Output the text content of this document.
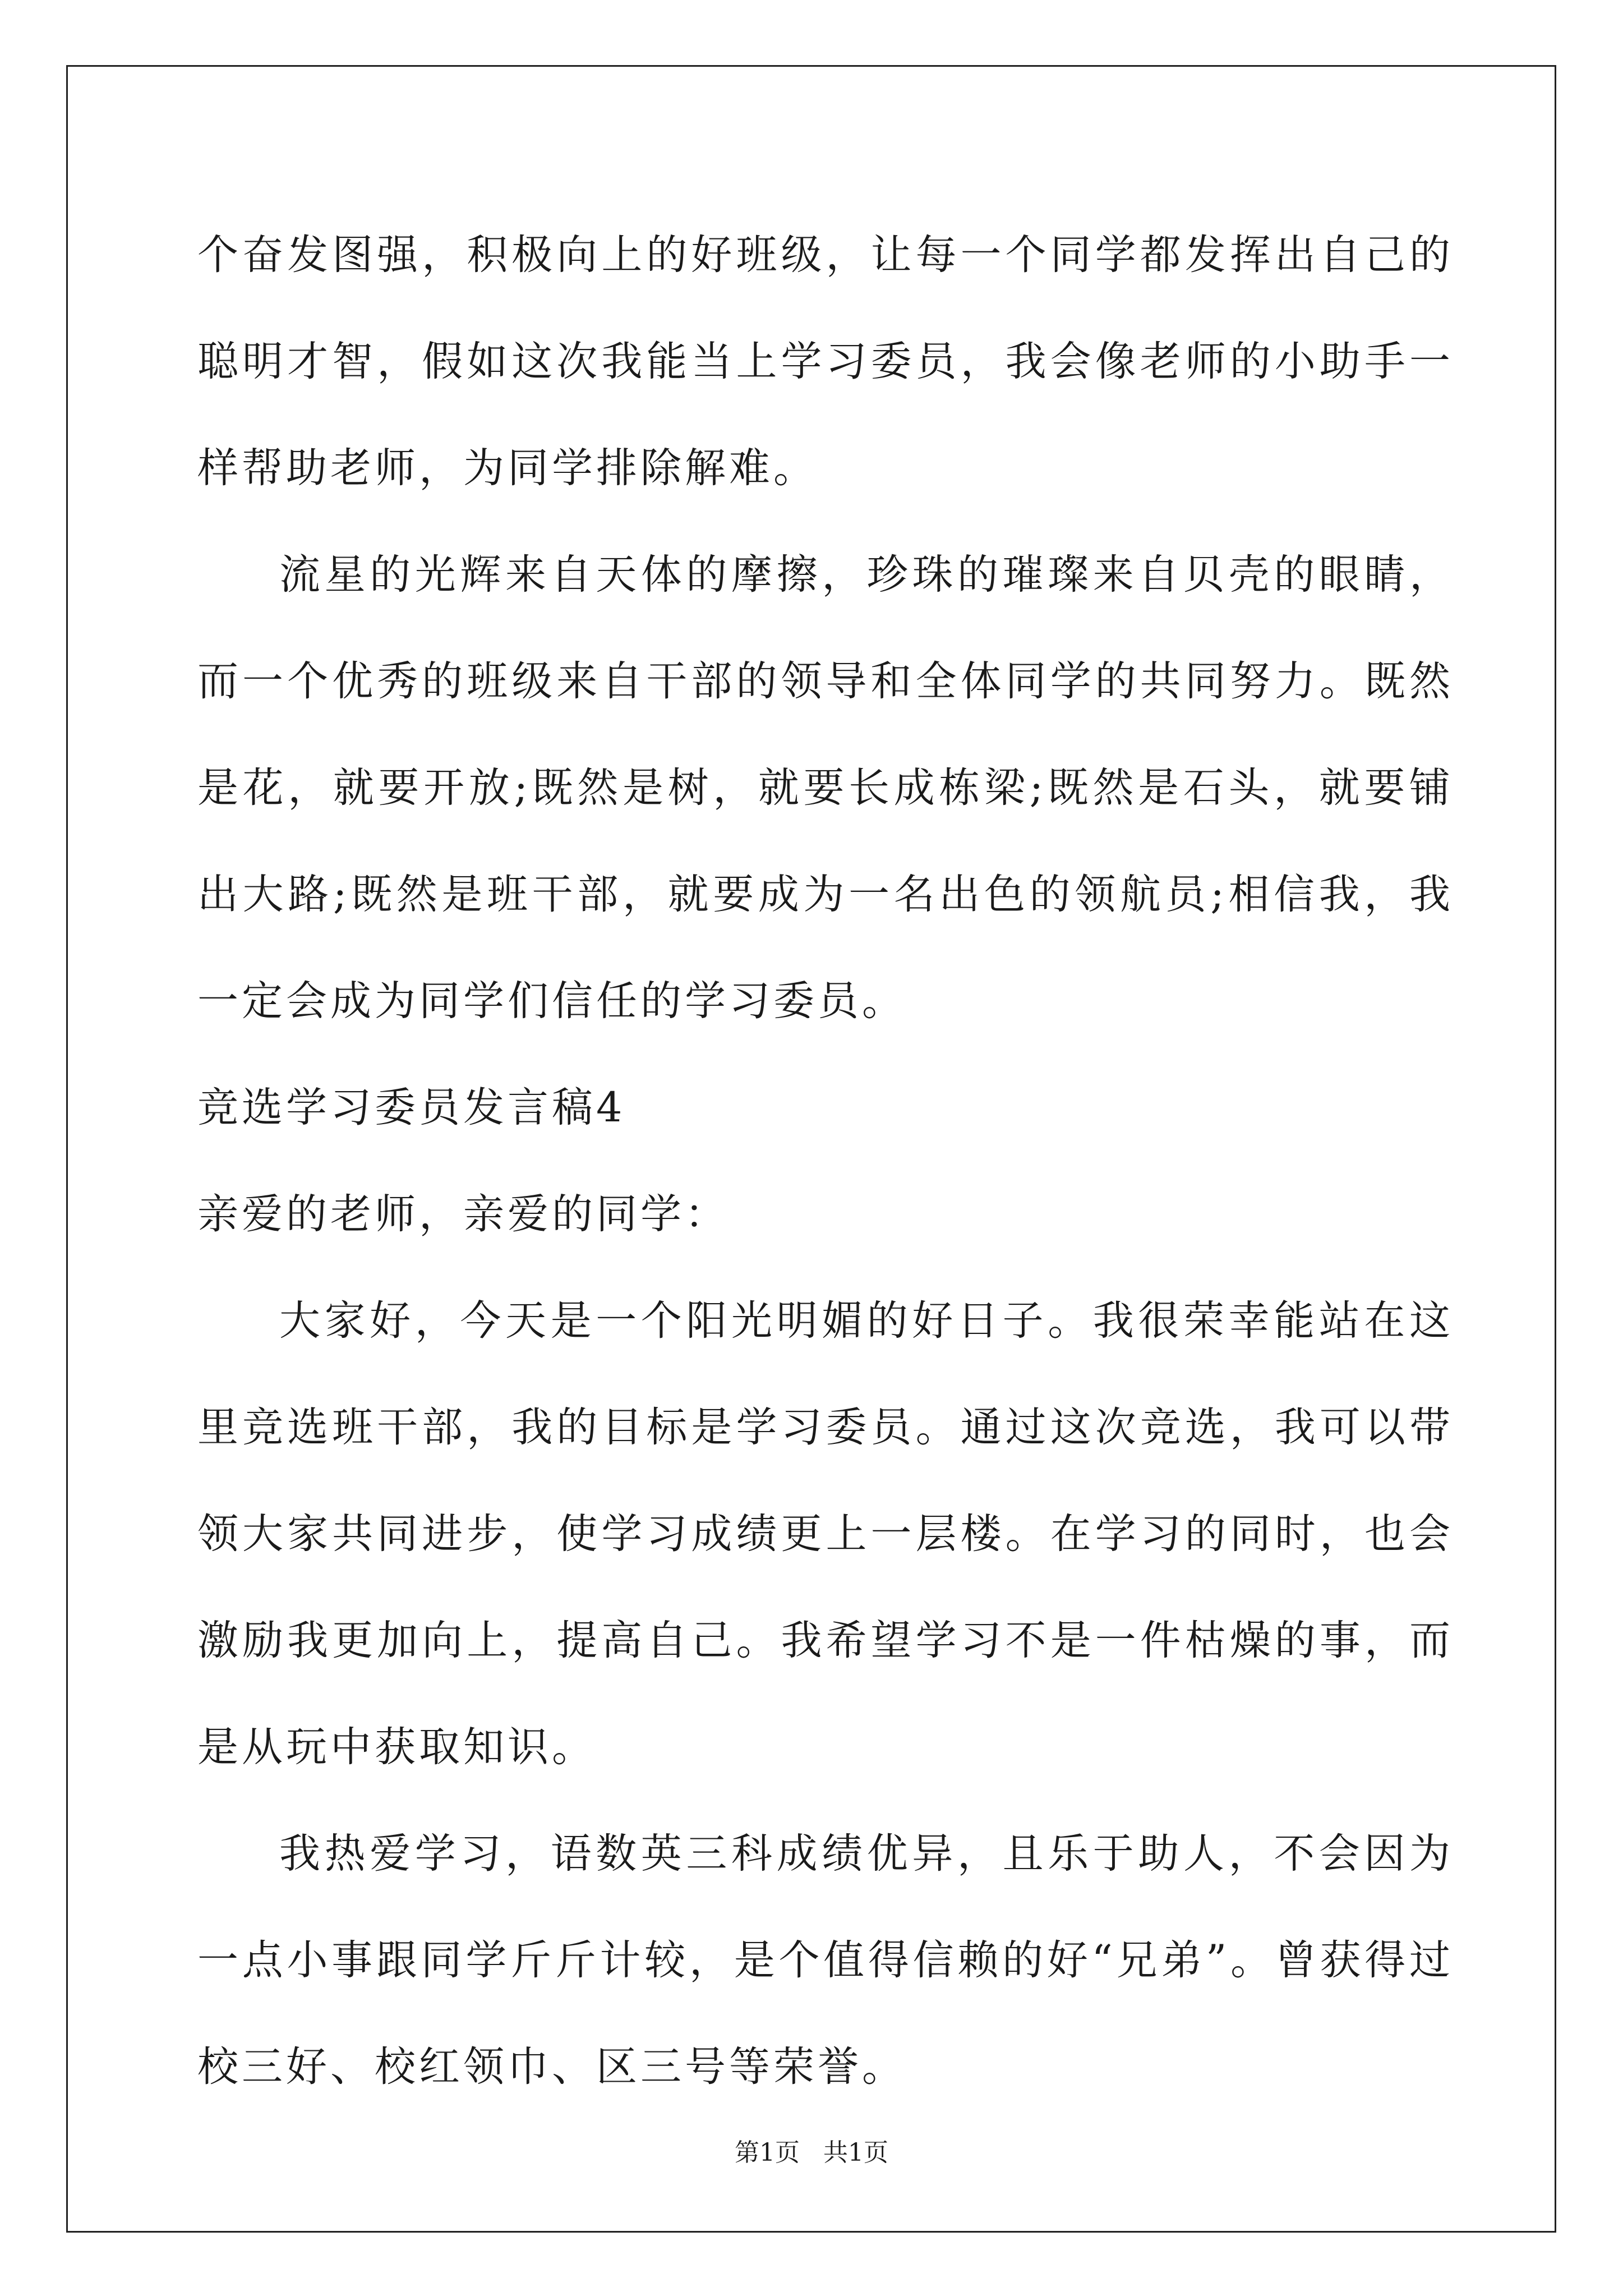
个奋发图强，积极向上的好班级，让每一个同学都发挥出自己的聪明才智，假如这次我能当上学习委员，我会像老师的小助手一样帮助老师，为同学排除解难。

流星的光辉来自天体的摩擦，珍珠的璀璨来自贝壳的眼睛，而一个优秀的班级来自干部的领导和全体同学的共同努力。既然是花，就要开放;既然是树，就要长成栋梁;既然是石头，就要铺出大路;既然是班干部，就要成为一名出色的领航员;相信我，我一定会成为同学们信任的学习委员。

竞选学习委员发言稿4

亲爱的老师，亲爱的同学：

大家好，今天是一个阳光明媚的好日子。我很荣幸能站在这里竞选班干部，我的目标是学习委员。通过这次竞选，我可以带领大家共同进步，使学习成绩更上一层楼。在学习的同时，也会激励我更加向上，提高自己。我希望学习不是一件枯燥的事，而是从玩中获取知识。

我热爱学习，语数英三科成绩优异，且乐于助人，不会因为一点小事跟同学斤斤计较，是个值得信赖的好“兄弟”。曾获得过校三好、校红领巾、区三号等荣誉。

第1页 共1页
